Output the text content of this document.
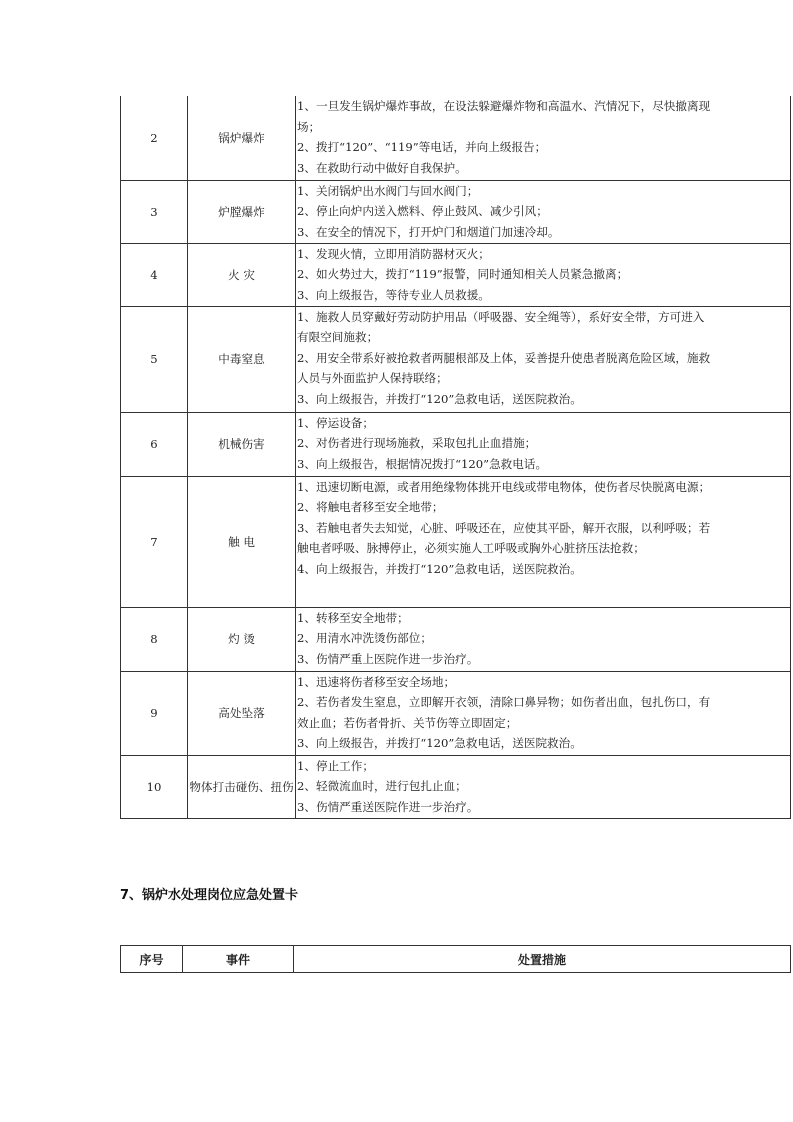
2	锅炉爆炸	1、一旦发生锅炉爆炸事故，在设法躲避爆炸物和高温水、汽情况下，尽快撤离现
场；
2、拨打“120”、“119”等电话，并向上级报告；
3、在救助行动中做好自我保护。

3	炉膛爆炸	1、关闭锅炉出水阀门与回水阀门；
2、停止向炉内送入燃料、停止鼓风、减少引风；
3、在安全的情况下，打开炉门和烟道门加速冷却。

4	火 灾	1、发现火情，立即用消防器材灭火；
2、如火势过大，拨打“119”报警，同时通知相关人员紧急撤离；
3、向上级报告，等待专业人员救援。

5	中毒窒息	1、施救人员穿戴好劳动防护用品（呼吸器、安全绳等），系好安全带，方可进入
有限空间施救；
2、用安全带系好被抢救者两腿根部及上体，妥善提升使患者脱离危险区域，施救
人员与外面监护人保持联络；
3、向上级报告，并拨打“120”急救电话，送医院救治。

6	机械伤害	1、停运设备；
2、对伤者进行现场施救，采取包扎止血措施；
3、向上级报告，根据情况拨打“120”急救电话。

7	触 电	1、迅速切断电源，或者用绝缘物体挑开电线或带电物体，使伤者尽快脱离电源；
2、将触电者移至安全地带；
3、若触电者失去知觉，心脏、呼吸还在，应使其平卧，解开衣服，以利呼吸；若
触电者呼吸、脉搏停止，必须实施人工呼吸或胸外心脏挤压法抢救；
4、向上级报告，并拨打“120”急救电话，送医院救治。

8	灼 烫	1、转移至安全地带；
2、用清水冲洗烫伤部位；
3、伤情严重上医院作进一步治疗。

9	高处坠落	1、迅速将伤者移至安全场地；
2、若伤者发生窒息，立即解开衣领，清除口鼻异物；如伤者出血，包扎伤口，有
效止血；若伤者骨折、关节伤等立即固定；
3、向上级报告，并拨打“120”急救电话，送医院救治。

10	物体打击碰伤、扭伤	1、停止工作；
2、轻微流血时，进行包扎止血；
3、伤情严重送医院作进一步治疗。
7、锅炉水处理岗位应急处置卡
序号	事件	处置措施
